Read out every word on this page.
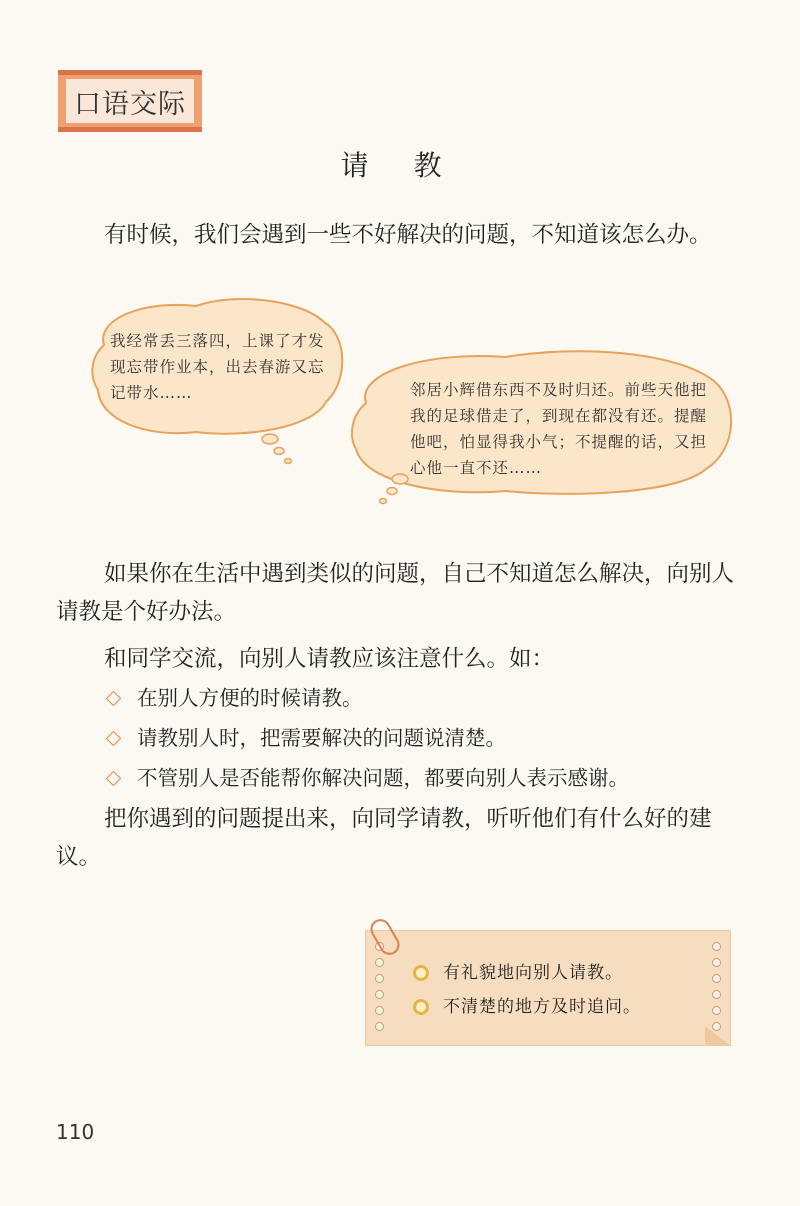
口语交际
请 教

有时候，我们会遇到一些不好解决的问题，不知道该怎么办。

我经常丢三落四，上课了才发现忘带作业本，出去春游又忘记带水……	邻居小辉借东西不及时归还。前些天他把我的足球借走了，到现在都没有还。提醒他吧，怕显得我小气；不提醒的话，又担心他一直不还……

如果你在生活中遇到类似的问题，自己不知道怎么解决，向别人请教是个好办法。

和同学交流，向别人请教应该注意什么。如：

在别人方便的时候请教。
请教别人时，把需要解决的问题说清楚。
不管别人是否能帮你解决问题，都要向别人表示感谢。

把你遇到的问题提出来，向同学请教，听听他们有什么好的建议。

有礼貌地向别人请教。
不清楚的地方及时追问。
110
